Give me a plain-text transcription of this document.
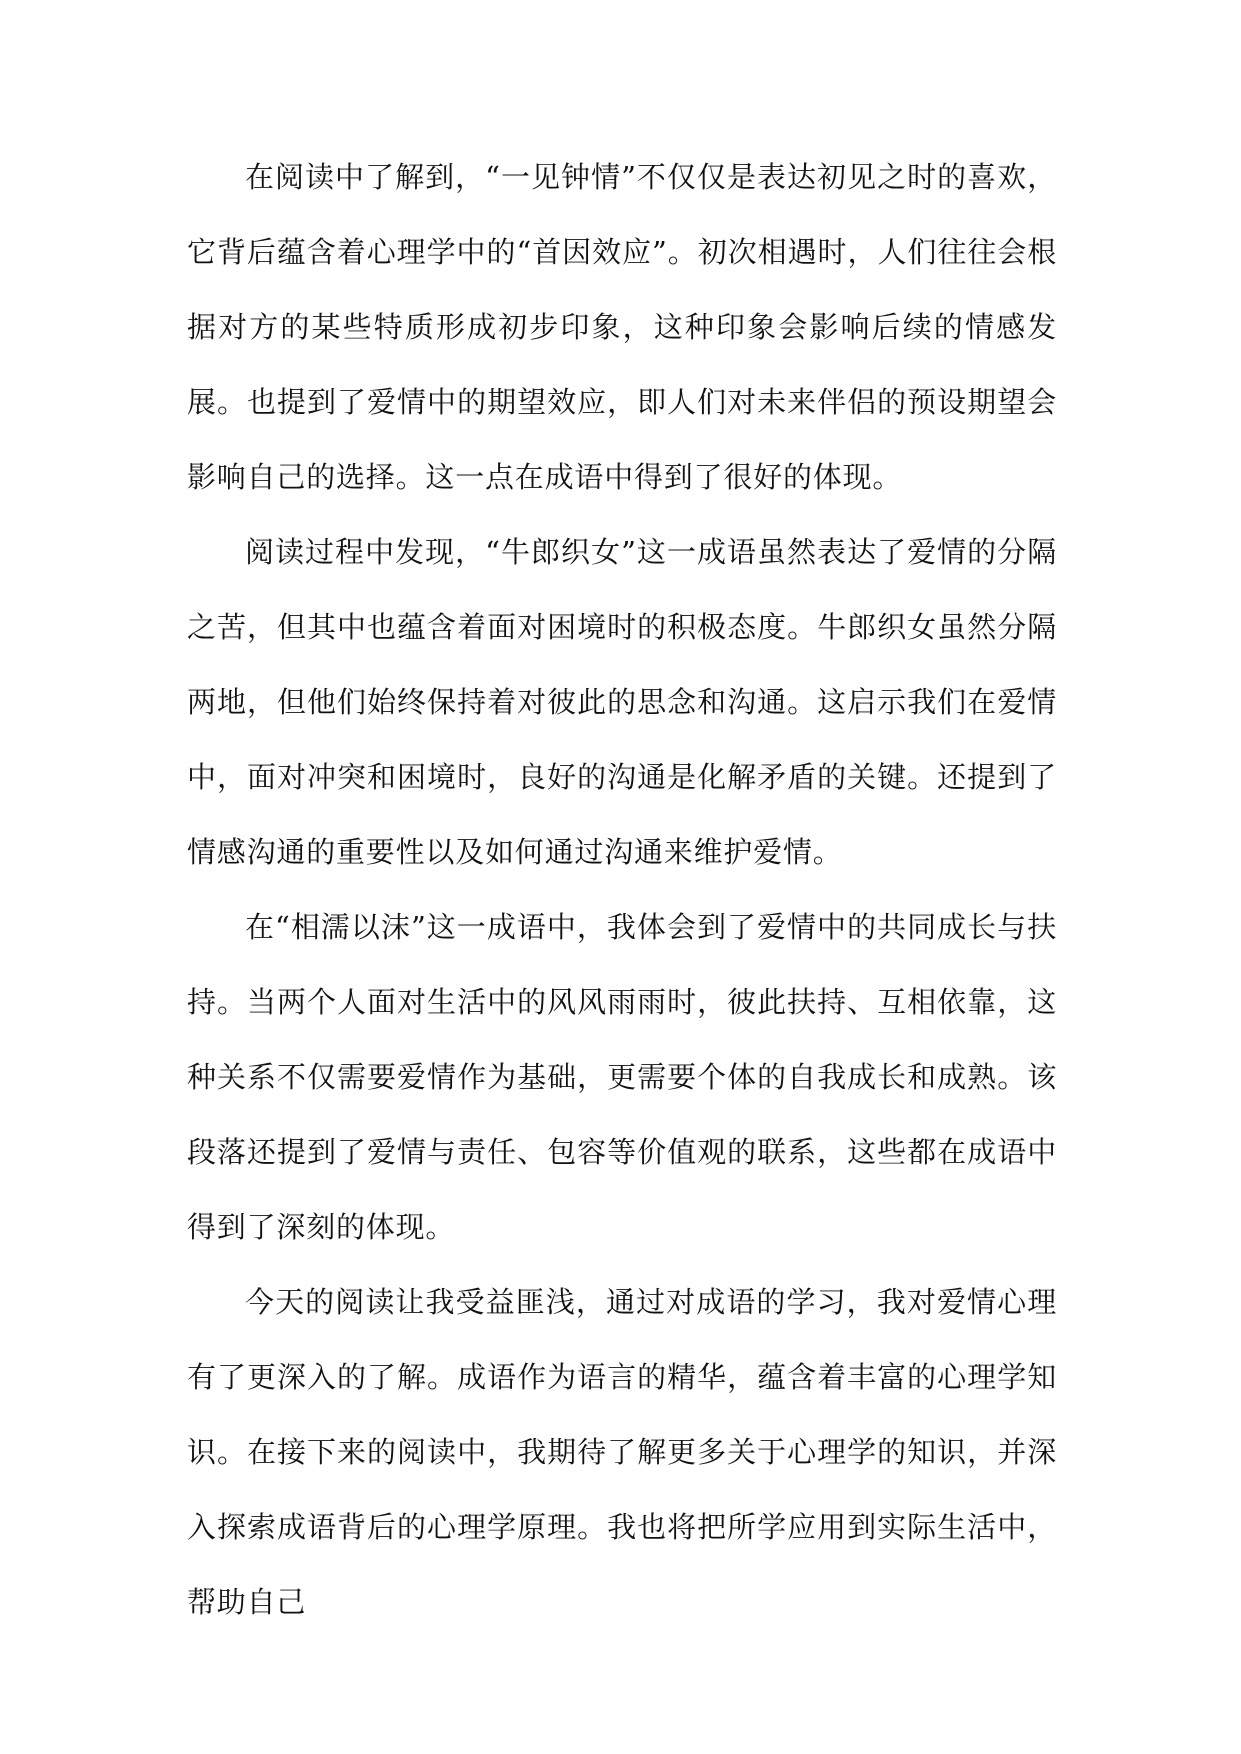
在阅读中了解到，“一见钟情”不仅仅是表达初见之时的喜欢，它背后蕴含着心理学中的“首因效应”。初次相遇时，人们往往会根据对方的某些特质形成初步印象，这种印象会影响后续的情感发展。也提到了爱情中的期望效应，即人们对未来伴侣的预设期望会影响自己的选择。这一点在成语中得到了很好的体现。

阅读过程中发现，“牛郎织女”这一成语虽然表达了爱情的分隔之苦，但其中也蕴含着面对困境时的积极态度。牛郎织女虽然分隔两地，但他们始终保持着对彼此的思念和沟通。这启示我们在爱情中，面对冲突和困境时，良好的沟通是化解矛盾的关键。还提到了情感沟通的重要性以及如何通过沟通来维护爱情。

在“相濡以沫”这一成语中，我体会到了爱情中的共同成长与扶持。当两个人面对生活中的风风雨雨时，彼此扶持、互相依靠，这种关系不仅需要爱情作为基础，更需要个体的自我成长和成熟。该段落还提到了爱情与责任、包容等价值观的联系，这些都在成语中得到了深刻的体现。

今天的阅读让我受益匪浅，通过对成语的学习，我对爱情心理有了更深入的了解。成语作为语言的精华，蕴含着丰富的心理学知识。在接下来的阅读中，我期待了解更多关于心理学的知识，并深入探索成语背后的心理学原理。我也将把所学应用到实际生活中，帮助自己
